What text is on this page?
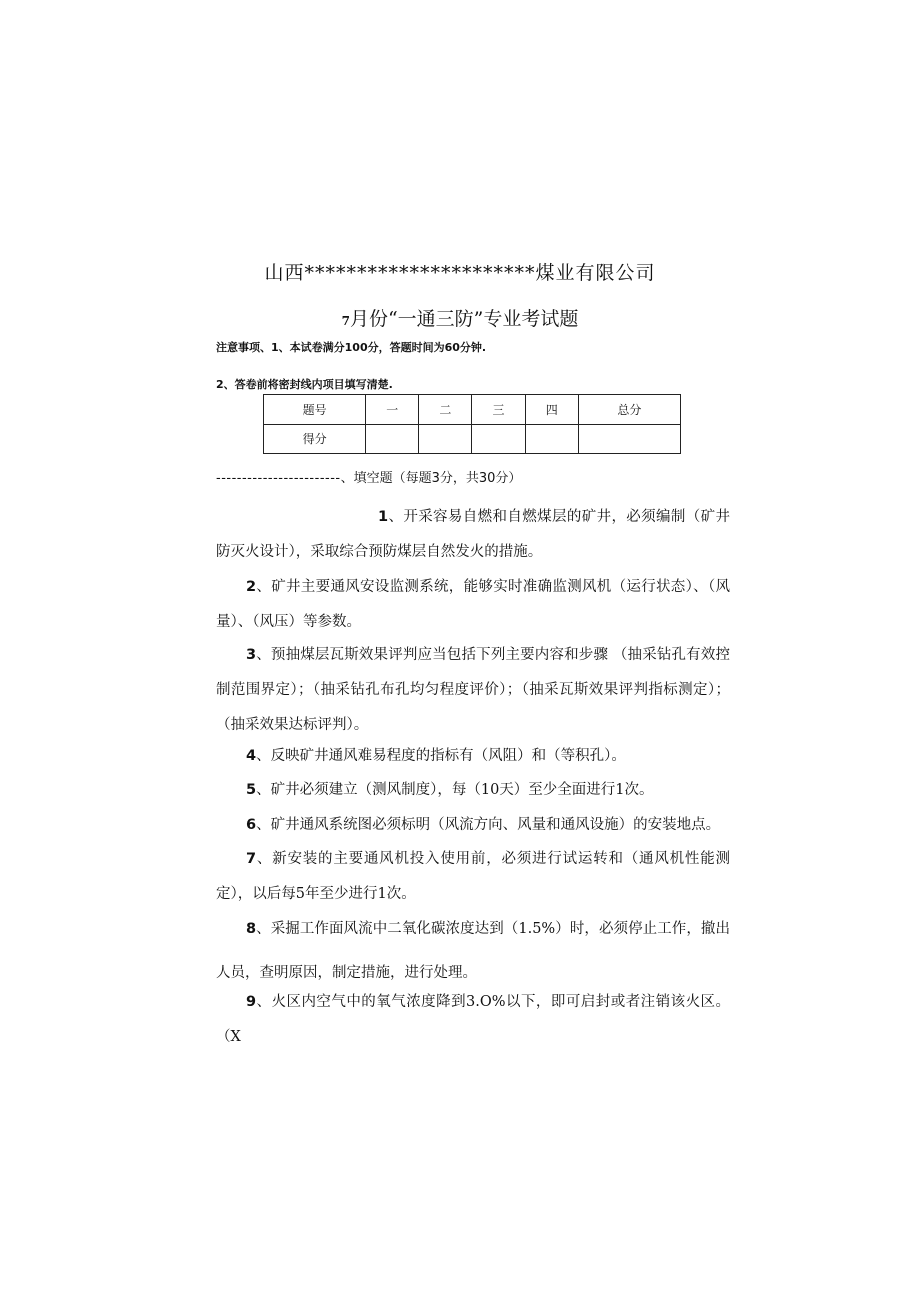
山西**********************煤业有限公司
7月份“一通三防”专业考试题
注意事项、1、本试卷满分100分，答题时间为60分钟.
2、答卷前将密封线内项目填写清楚.
题号	一	二	三	四	总分
得分					
------------------------、填空题（每题3分，共30分）
1、开采容易自燃和自燃煤层的矿井，必须编制（矿井防灭火设计），采取综合预防煤层自然发火的措施。
2、矿井主要通风安设监测系统，能够实时准确监测风机（运行状态）、（风量）、（风压）等参数。
3、预抽煤层瓦斯效果评判应当包括下列主要内容和步骤 （抽采钻孔有效控制范围界定）；（抽采钻孔布孔均匀程度评价）；（抽采瓦斯效果评判指标测定）；（抽采效果达标评判）。
4、反映矿井通风难易程度的指标有（风阻）和（等积孔）。
5、矿井必须建立（测风制度），每（10天）至少全面进行1次。
6、矿井通风系统图必须标明（风流方向、风量和通风设施）的安装地点。
7、新安装的主要通风机投入使用前，必须进行试运转和（通风机性能测定），以后每5年至少进行1次。
8、采掘工作面风流中二氧化碳浓度达到（1.5%）时，必须停止工作，撤出人员，查明原因，制定措施，进行处理。
9、火区内空气中的氧气浓度降到3.O%以下，即可启封或者注销该火区。（X
